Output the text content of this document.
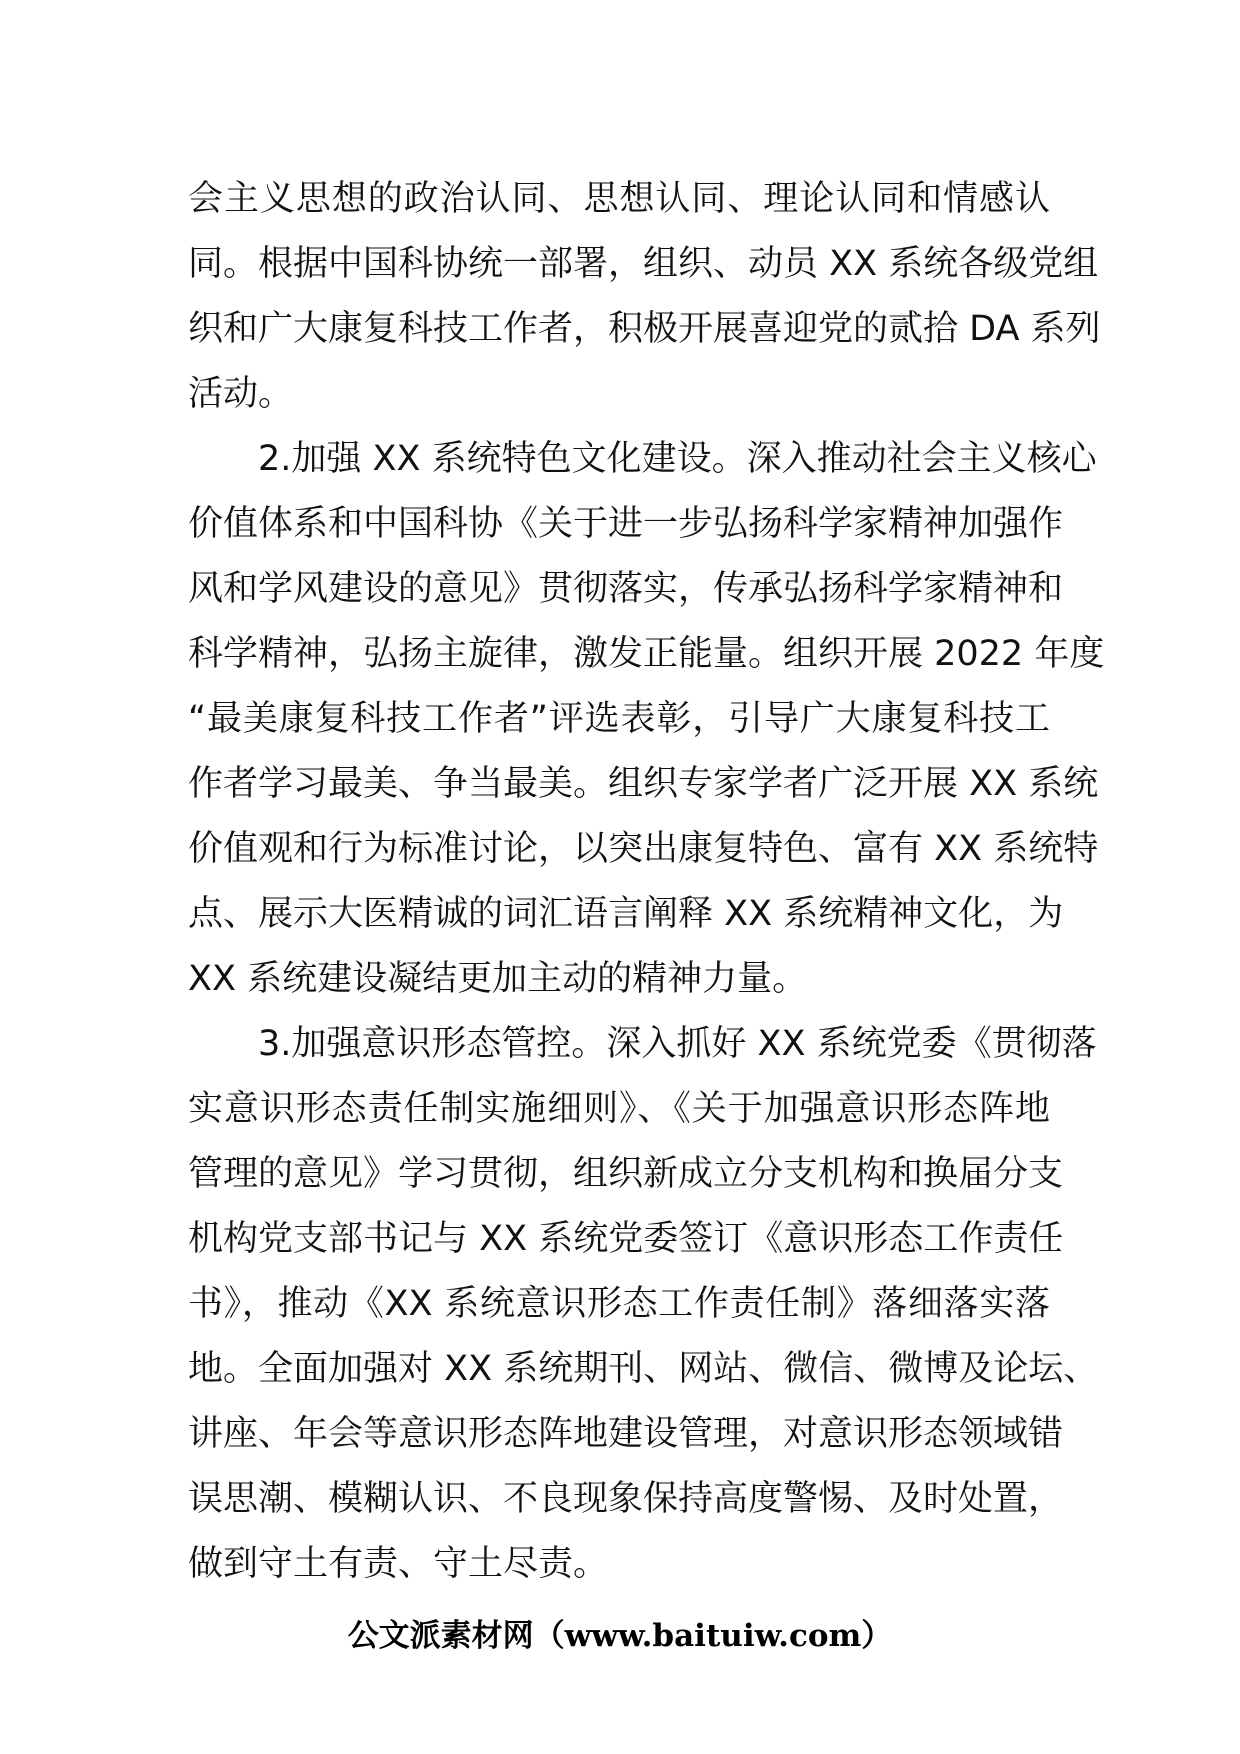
会主义思想的政治认同、思想认同、理论认同和情感认
同。根据中国科协统一部署，组织、动员 XX 系统各级党组
织和广大康复科技工作者，积极开展喜迎党的贰拾 DA 系列
活动。
2.加强 XX 系统特色文化建设。深入推动社会主义核心
价值体系和中国科协《关于进一步弘扬科学家精神加强作
风和学风建设的意见》贯彻落实，传承弘扬科学家精神和
科学精神，弘扬主旋律，激发正能量。组织开展 2022 年度
“最美康复科技工作者”评选表彰，引导广大康复科技工
作者学习最美、争当最美。组织专家学者广泛开展 XX 系统
价值观和行为标准讨论，以突出康复特色、富有 XX 系统特
点、展示大医精诚的词汇语言阐释 XX 系统精神文化，为
XX 系统建设凝结更加主动的精神力量。
3.加强意识形态管控。深入抓好 XX 系统党委《贯彻落
实意识形态责任制实施细则》、《关于加强意识形态阵地
管理的意见》学习贯彻，组织新成立分支机构和换届分支
机构党支部书记与 XX 系统党委签订《意识形态工作责任
书》，推动《XX 系统意识形态工作责任制》落细落实落
地。全面加强对 XX 系统期刊、网站、微信、微博及论坛、
讲座、年会等意识形态阵地建设管理，对意识形态领域错
误思潮、模糊认识、不良现象保持高度警惕、及时处置，
做到守土有责、守土尽责。
公文派素材网（www.baituiw.com）
